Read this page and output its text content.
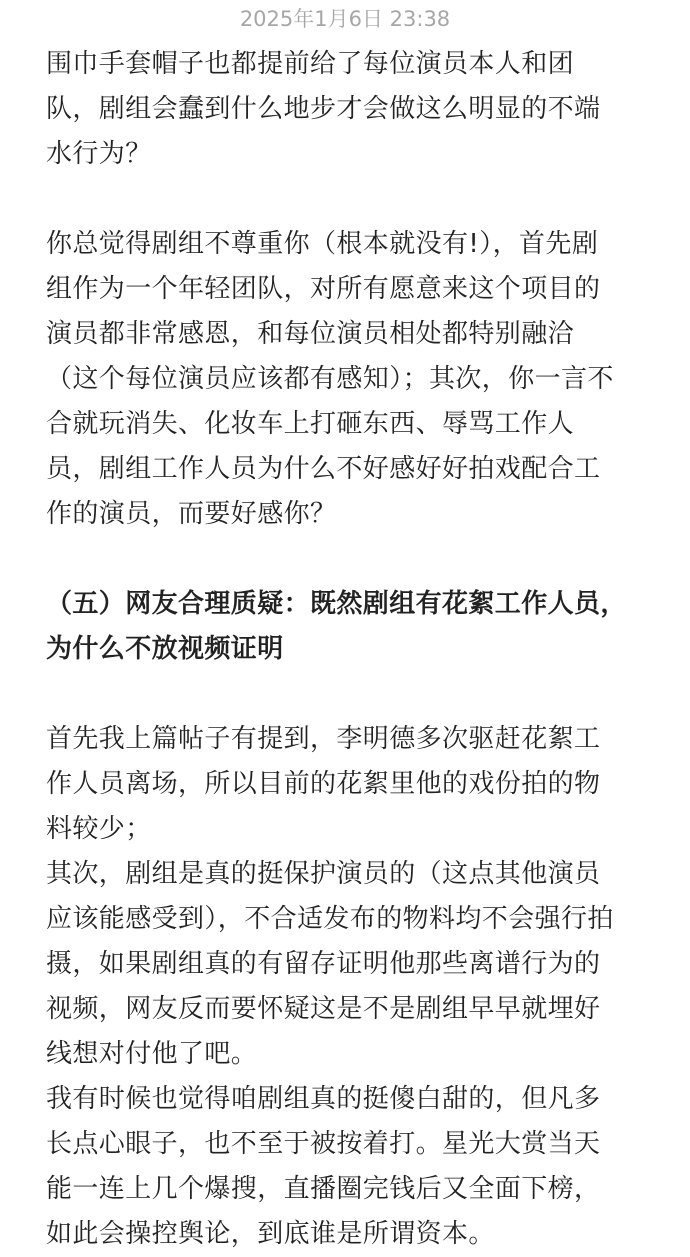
2025年1月6日 23:38
围巾手套帽子也都提前给了每位演员本人和团
队，剧组会蠢到什么地步才会做这么明显的不端
水行为？
你总觉得剧组不尊重你（根本就没有!），首先剧
组作为一个年轻团队，对所有愿意来这个项目的
演员都非常感恩，和每位演员相处都特别融洽
（这个每位演员应该都有感知）；其次，你一言不
合就玩消失、化妆车上打砸东西、辱骂工作人
员，剧组工作人员为什么不好感好好拍戏配合工
作的演员，而要好感你？
（五）网友合理质疑：既然剧组有花絮工作人员，
为什么不放视频证明
首先我上篇帖子有提到，李明德多次驱赶花絮工
作人员离场，所以目前的花絮里他的戏份拍的物
料较少；
其次，剧组是真的挺保护演员的（这点其他演员
应该能感受到），不合适发布的物料均不会强行拍
摄，如果剧组真的有留存证明他那些离谱行为的
视频，网友反而要怀疑这是不是剧组早早就埋好
线想对付他了吧。
我有时候也觉得咱剧组真的挺傻白甜的，但凡多
长点心眼子，也不至于被按着打。星光大赏当天
能一连上几个爆搜，直播圈完钱后又全面下榜，
如此会操控舆论，到底谁是所谓资本。
